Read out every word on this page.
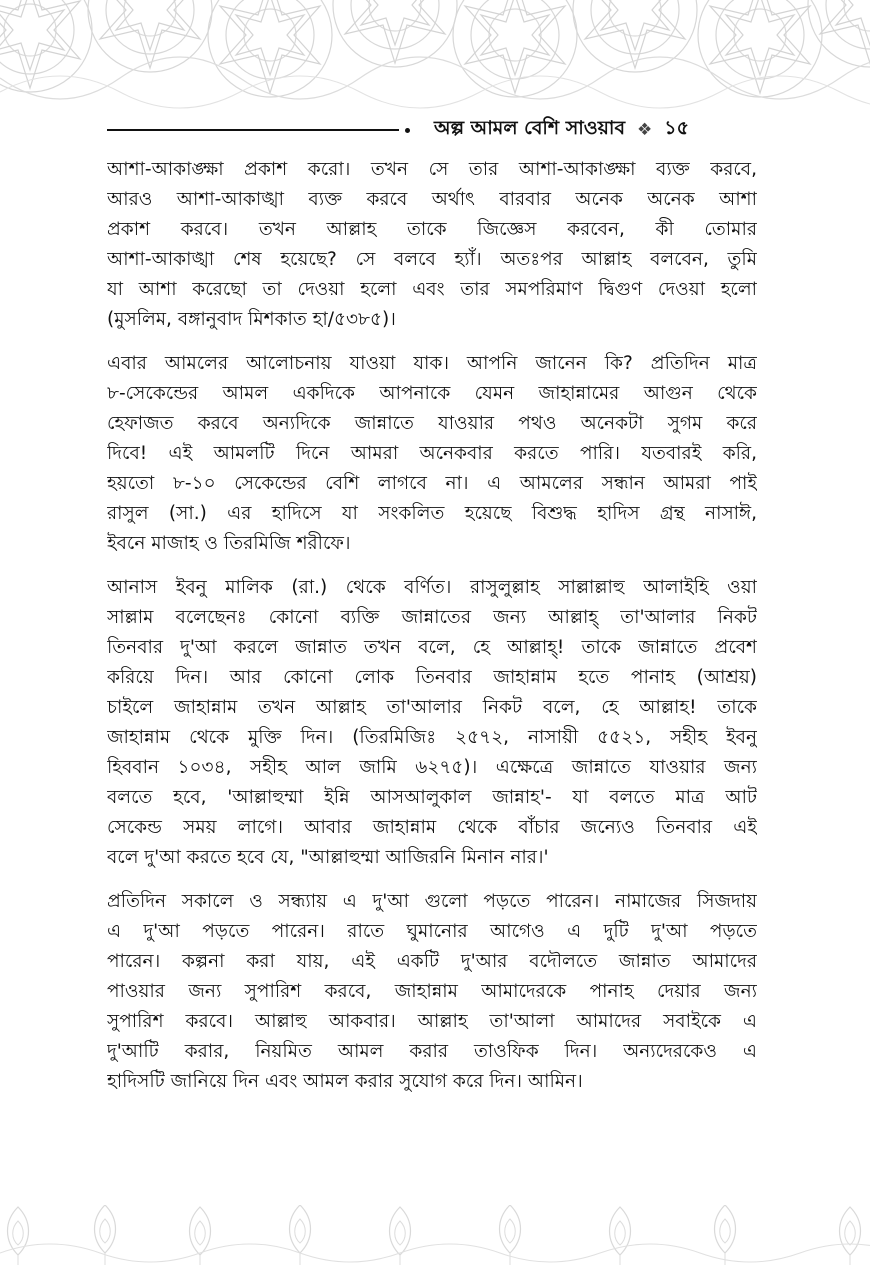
অল্প আমল বেশি সাওয়াব ❖ ১৫
আশা-আকাঙ্ক্ষা প্রকাশ করো। তখন সে তার আশা-আকাঙ্ক্ষা ব্যক্ত করবে,
আরও আশা-আকাঙ্খা ব্যক্ত করবে অর্থাৎ বারবার অনেক অনেক আশা
প্রকাশ করবে। তখন আল্লাহ তাকে জিজ্ঞেস করবেন, কী তোমার
আশা-আকাঙ্খা শেষ হয়েছে? সে বলবে হ্যাঁ। অতঃপর আল্লাহ বলবেন, তুমি
যা আশা করেছো তা দেওয়া হলো এবং তার সমপরিমাণ দ্বিগুণ দেওয়া হলো
(মুসলিম, বঙ্গানুবাদ মিশকাত হা/৫৩৮৫)।
এবার আমলের আলোচনায় যাওয়া যাক। আপনি জানেন কি? প্রতিদিন মাত্র
৮-সেকেন্ডের আমল একদিকে আপনাকে যেমন জাহান্নামের আগুন থেকে
হেফাজত করবে অন্যদিকে জান্নাতে যাওয়ার পথও অনেকটা সুগম করে
দিবে! এই আমলটি দিনে আমরা অনেকবার করতে পারি। যতবারই করি,
হয়তো ৮-১০ সেকেন্ডের বেশি লাগবে না। এ আমলের সন্ধান আমরা পাই
রাসুল (সা.) এর হাদিসে যা সংকলিত হয়েছে বিশুদ্ধ হাদিস গ্রন্থ নাসাঈ,
ইবনে মাজাহ ও তিরমিজি শরীফে।
আনাস ইবনু মালিক (রা.) থেকে বর্ণিত। রাসুলুল্লাহ সাল্লাল্লাহু আলাইহি ওয়া
সাল্লাম বলেছেনঃ কোনো ব্যক্তি জান্নাতের জন্য আল্লাহ্ তা'আলার নিকট
তিনবার দু'আ করলে জান্নাত তখন বলে, হে আল্লাহ্! তাকে জান্নাতে প্রবেশ
করিয়ে দিন। আর কোনো লোক তিনবার জাহান্নাম হতে পানাহ (আশ্রয়)
চাইলে জাহান্নাম তখন আল্লাহ তা'আলার নিকট বলে, হে আল্লাহ! তাকে
জাহান্নাম থেকে মুক্তি দিন। (তিরমিজিঃ ২৫৭২, নাসায়ী ৫৫২১, সহীহ ইবনু
হিববান ১০৩৪, সহীহ আল জামি ৬২৭৫)। এক্ষেত্রে জান্নাতে যাওয়ার জন্য
বলতে হবে, 'আল্লাহুম্মা ইন্নি আসআলুকাল জান্নাহ'- যা বলতে মাত্র আট
সেকেন্ড সময় লাগে। আবার জাহান্নাম থেকে বাঁচার জন্যেও তিনবার এই
বলে দু'আ করতে হবে যে, "আল্লাহুম্মা আজিরনি মিনান নার।'
প্রতিদিন সকালে ও সন্ধ্যায় এ দু'আ গুলো পড়তে পারেন। নামাজের সিজদায়
এ দু'আ পড়তে পারেন। রাতে ঘুমানোর আগেও এ দুটি দু'আ পড়তে
পারেন। কল্পনা করা যায়, এই একটি দু'আর বদৌলতে জান্নাত আমাদের
পাওয়ার জন্য সুপারিশ করবে, জাহান্নাম আমাদেরকে পানাহ দেয়ার জন্য
সুপারিশ করবে। আল্লাহু আকবার। আল্লাহ তা'আলা আমাদের সবাইকে এ
দু'আটি করার, নিয়মিত আমল করার তাওফিক দিন। অন্যদেরকেও এ
হাদিসটি জানিয়ে দিন এবং আমল করার সুযোগ করে দিন। আমিন।
